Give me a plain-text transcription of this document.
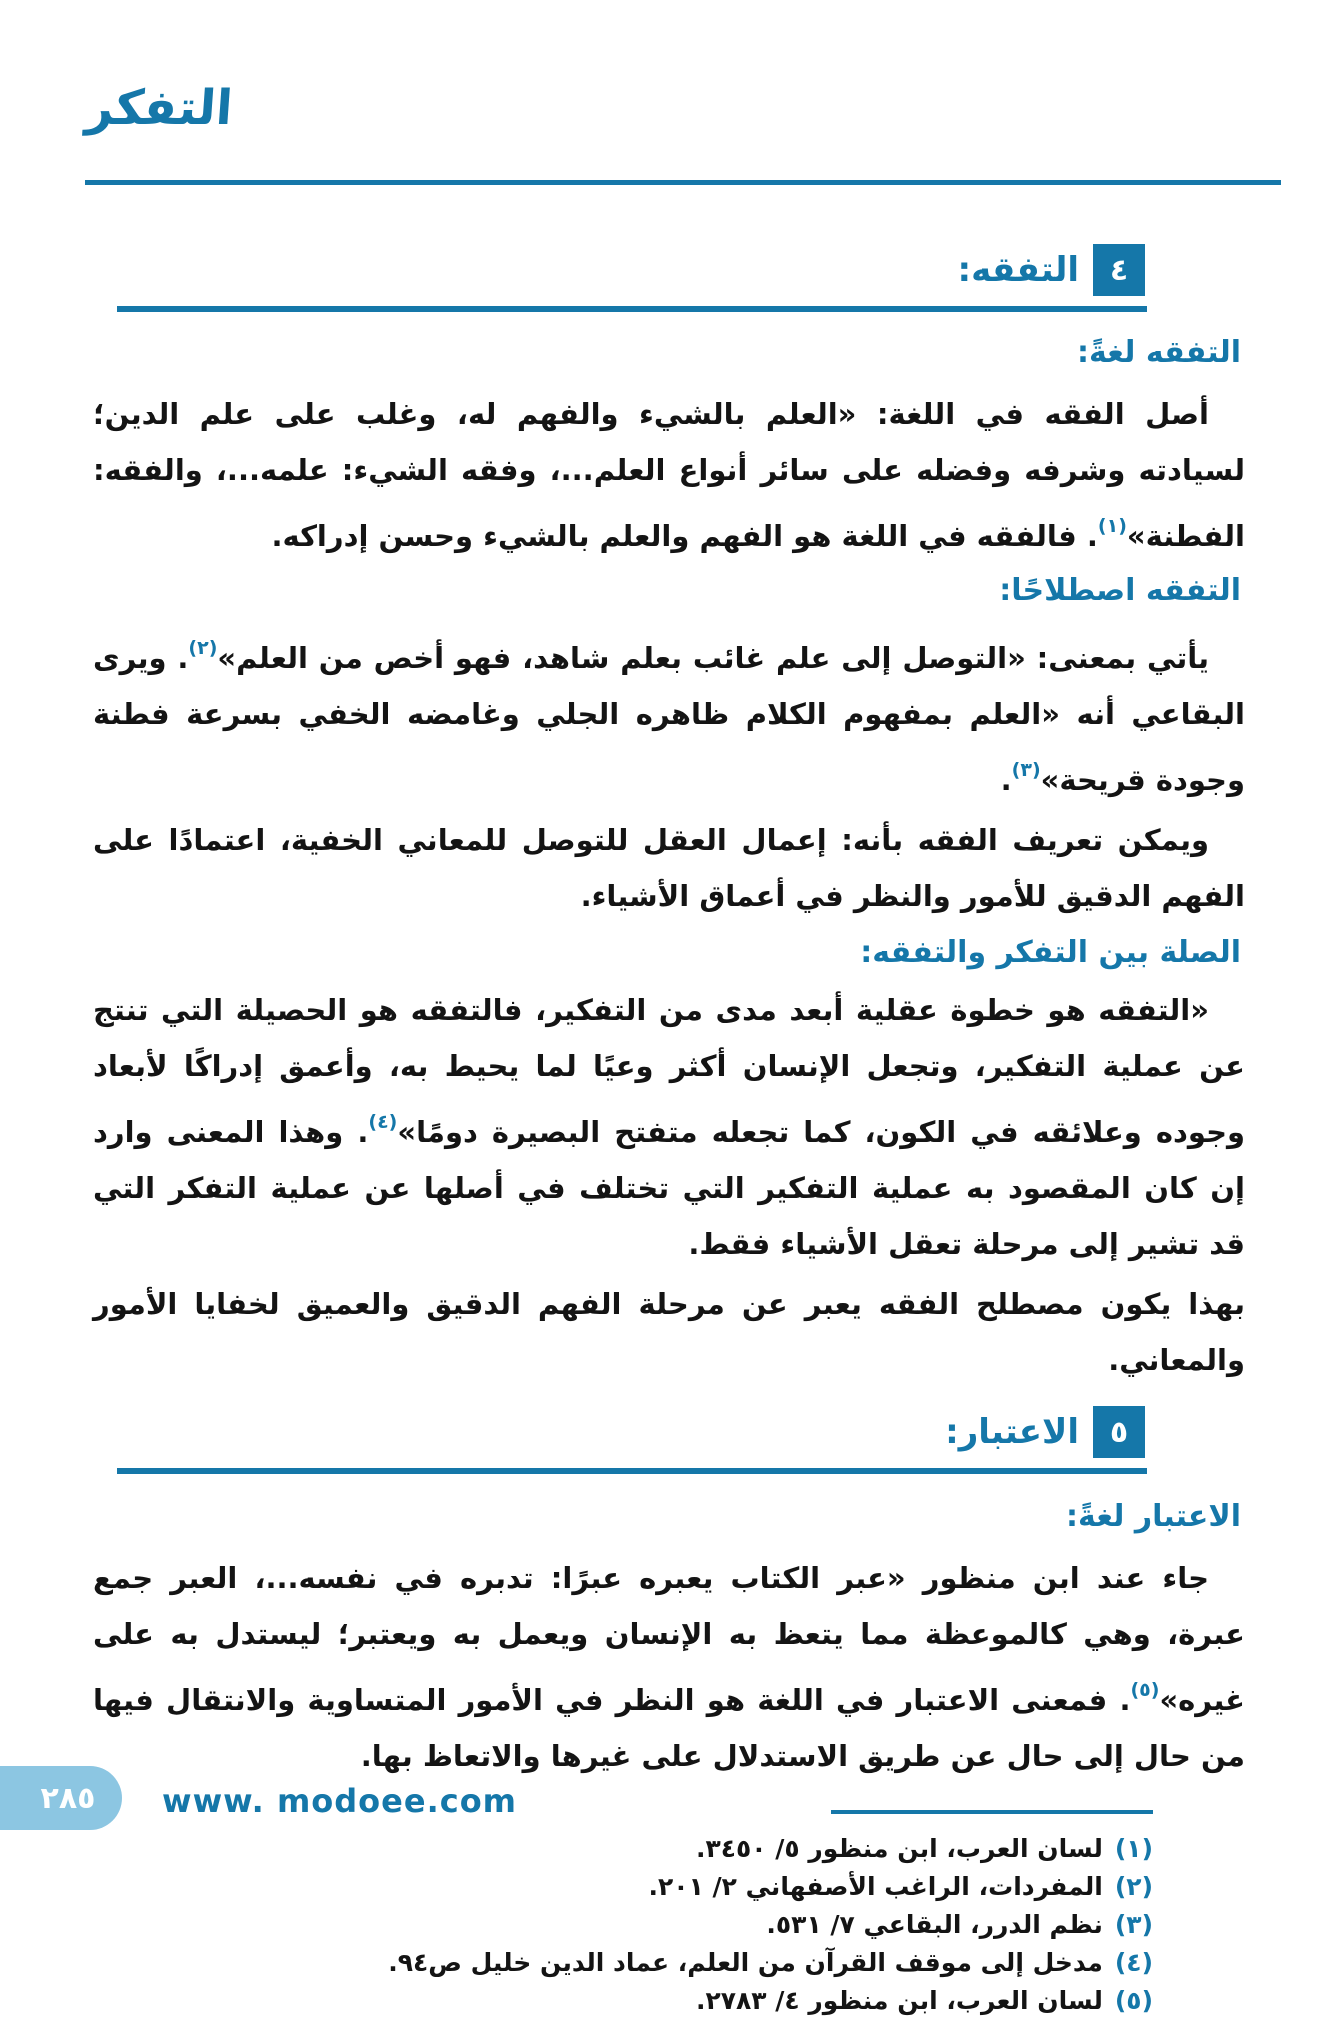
التفكر
٤
التفقه:
التفقه لغةً:

أصل الفقه في اللغة: «العلم بالشيء والفهم له، وغلب على علم الدين؛ لسيادته وشرفه وفضله على سائر أنواع العلم...، وفقه الشيء: علمه...، والفقه: الفطنة»$^{(١)}$. فالفقه في اللغة هو الفهم والعلم بالشيء وحسن إدراكه.

التفقه اصطلاحًا:

يأتي بمعنى: «التوصل إلى علم غائب بعلم شاهد، فهو أخص من العلم»$^{(٢)}$. ويرى البقاعي أنه «العلم بمفهوم الكلام ظاهره الجلي وغامضه الخفي بسرعة فطنة وجودة قريحة»$^{(٣)}$.

ويمكن تعريف الفقه بأنه: إعمال العقل للتوصل للمعاني الخفية، اعتمادًا على الفهم الدقيق للأمور والنظر في أعماق الأشياء.

الصلة بين التفكر والتفقه:

«التفقه هو خطوة عقلية أبعد مدى من التفكير، فالتفقه هو الحصيلة التي تنتج عن عملية التفكير، وتجعل الإنسان أكثر وعيًا لما يحيط به، وأعمق إدراكًا لأبعاد وجوده وعلائقه في الكون، كما تجعله متفتح البصيرة دومًا»$^{(٤)}$. وهذا المعنى وارد إن كان المقصود به عملية التفكير التي تختلف في أصلها عن عملية التفكر التي قد تشير إلى مرحلة تعقل الأشياء فقط.

بهذا يكون مصطلح الفقه يعبر عن مرحلة الفهم الدقيق والعميق لخفايا الأمور والمعاني.

٥
الاعتبار:
الاعتبار لغةً:

جاء عند ابن منظور «عبر الكتاب يعبره عبرًا: تدبره في نفسه...، العبر جمع عبرة، وهي كالموعظة مما يتعظ به الإنسان ويعمل به ويعتبر؛ ليستدل به على غيره»$^{(٥)}$. فمعنى الاعتبار في اللغة هو النظر في الأمور المتساوية والانتقال فيها من حال إلى حال عن طريق الاستدلال على غيرها والاتعاظ بها.

(١)لسان العرب، ابن منظور ٥/ ٣٤٥٠.
(٢)المفردات، الراغب الأصفهاني ٢/ ٢٠١.
(٣)نظم الدرر، البقاعي ٧/ ٥٣١.
(٤)مدخل إلى موقف القرآن من العلم، عماد الدين خليل ص٩٤.
(٥)لسان العرب، ابن منظور ٤/ ٢٧٨٣.
٢٨٥ www. modoee.com
